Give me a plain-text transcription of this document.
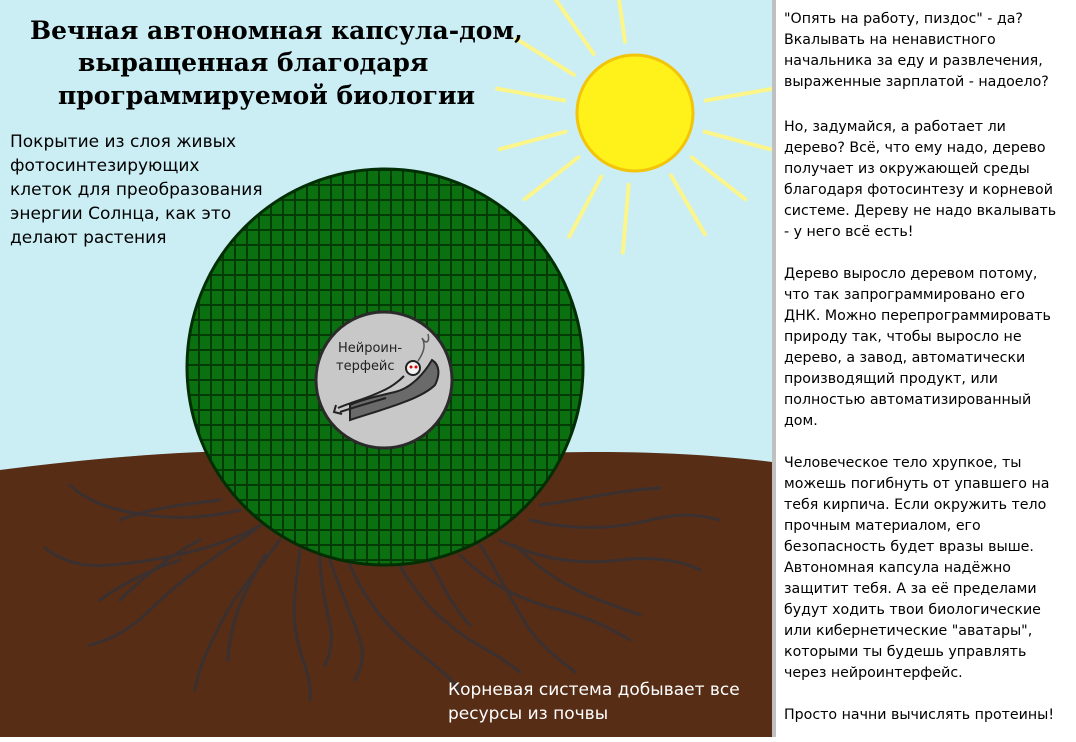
Нейроин-
терфейс
Вечная автономная капсула-дом,
выращенная благодаря
программируемой биологии
Покрытие из слоя живых
фотосинтезирующих
клеток для преобразования
энергии Солнца, как это
делают растения
Корневая система добывает все
ресурсы из почвы
"Опять на работу, пиздос" - да?
Вкалывать на ненавистного
начальника за еду и развлечения,
выраженные зарплатой - надоело?
Но, задумайся, а работает ли
дерево? Всё, что ему надо, дерево
получает из окружающей среды
благодаря фотосинтезу и корневой
системе. Дереву не надо вкалывать
- у него всё есть!
Дерево выросло деревом потому,
что так запрограммировано его
ДНК. Можно перепрограммировать
природу так, чтобы выросло не
дерево, а завод, автоматически
производящий продукт, или
полностью автоматизированный
дом.
Человеческое тело хрупкое, ты
можешь погибнуть от упавшего на
тебя кирпича. Если окружить тело
прочным материалом, его
безопасность будет вразы выше.
Автономная капсула надёжно
защитит тебя. А за её пределами
будут ходить твои биологические
или кибернетические "аватары",
которыми ты будешь управлять
через нейроинтерфейс.
Просто начни вычислять протеины!
